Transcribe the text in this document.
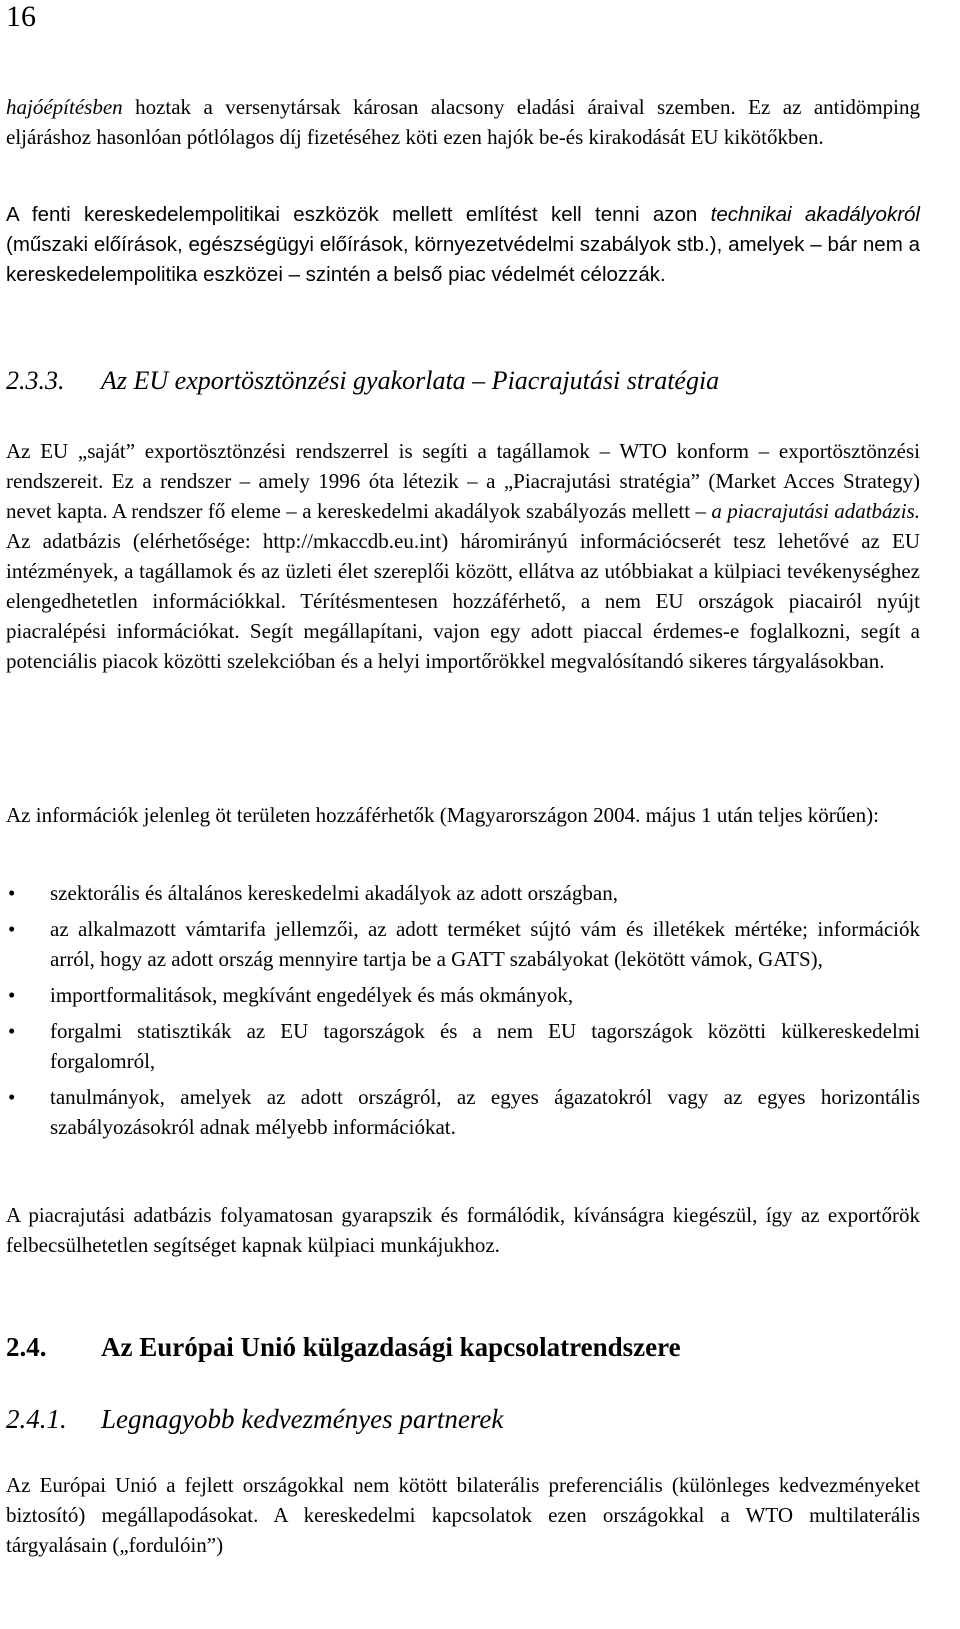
16

hajóépítésben hoztak a versenytársak károsan alacsony eladási áraival szemben. Ez az antidömping eljáráshoz hasonlóan pótlólagos díj fizetéséhez köti ezen hajók be-és kirakodását EU kikötőkben.

A fenti kereskedelempolitikai eszközök mellett említést kell tenni azon technikai akadályokról (műszaki előírások, egészségügyi előírások, környezetvédelmi szabályok stb.), amelyek – bár nem a kereskedelempolitika eszközei – szintén a belső piac védelmét célozzák.

2.3.3. Az EU exportösztönzési gyakorlata – Piacrajutási stratégia

Az EU „saját” exportösztönzési rendszerrel is segíti a tagállamok – WTO konform – exportösztönzési rendszereit. Ez a rendszer – amely 1996 óta létezik – a „Piacrajutási stratégia” (Market Acces Strategy) nevet kapta. A rendszer fő eleme – a kereskedelmi akadályok szabályozás mellett – a piacrajutási adatbázis. Az adatbázis (elérhetősége: http://mkaccdb.eu.int) háromirányú információcserét tesz lehetővé az EU intézmények, a tagállamok és az üzleti élet szereplői között, ellátva az utóbbiakat a külpiaci tevékenységhez elengedhetetlen információkkal. Térítésmentesen hozzáférhető, a nem EU országok piacairól nyújt piacralépési információkat. Segít megállapítani, vajon egy adott piaccal érdemes-e foglalkozni, segít a potenciális piacok közötti szelekcióban és a helyi importőrökkel megvalósítandó sikeres tárgyalásokban.

Az információk jelenleg öt területen hozzáférhetők (Magyarországon 2004. május 1 után teljes körűen):

• szektorális és általános kereskedelmi akadályok az adott országban,
• az alkalmazott vámtarifa jellemzői, az adott terméket sújtó vám és illetékek mértéke; információk arról, hogy az adott ország mennyire tartja be a GATT szabályokat (lekötött vámok, GATS),
• importformalitások, megkívánt engedélyek és más okmányok,
• forgalmi statisztikák az EU tagországok és a nem EU tagországok közötti külkereskedelmi forgalomról,
• tanulmányok, amelyek az adott országról, az egyes ágazatokról vagy az egyes horizontális szabályozásokról adnak mélyebb információkat.

A piacrajutási adatbázis folyamatosan gyarapszik és formálódik, kívánságra kiegészül, így az exportőrök felbecsülhetetlen segítséget kapnak külpiaci munkájukhoz.

2.4. Az Európai Unió külgazdasági kapcsolatrendszere
2.4.1. Legnagyobb kedvezményes partnerek

Az Európai Unió a fejlett országokkal nem kötött bilaterális preferenciális (különleges kedvezményeket biztosító) megállapodásokat. A kereskedelmi kapcsolatok ezen országokkal a WTO multilaterális tárgyalásain („fordulóin”)
